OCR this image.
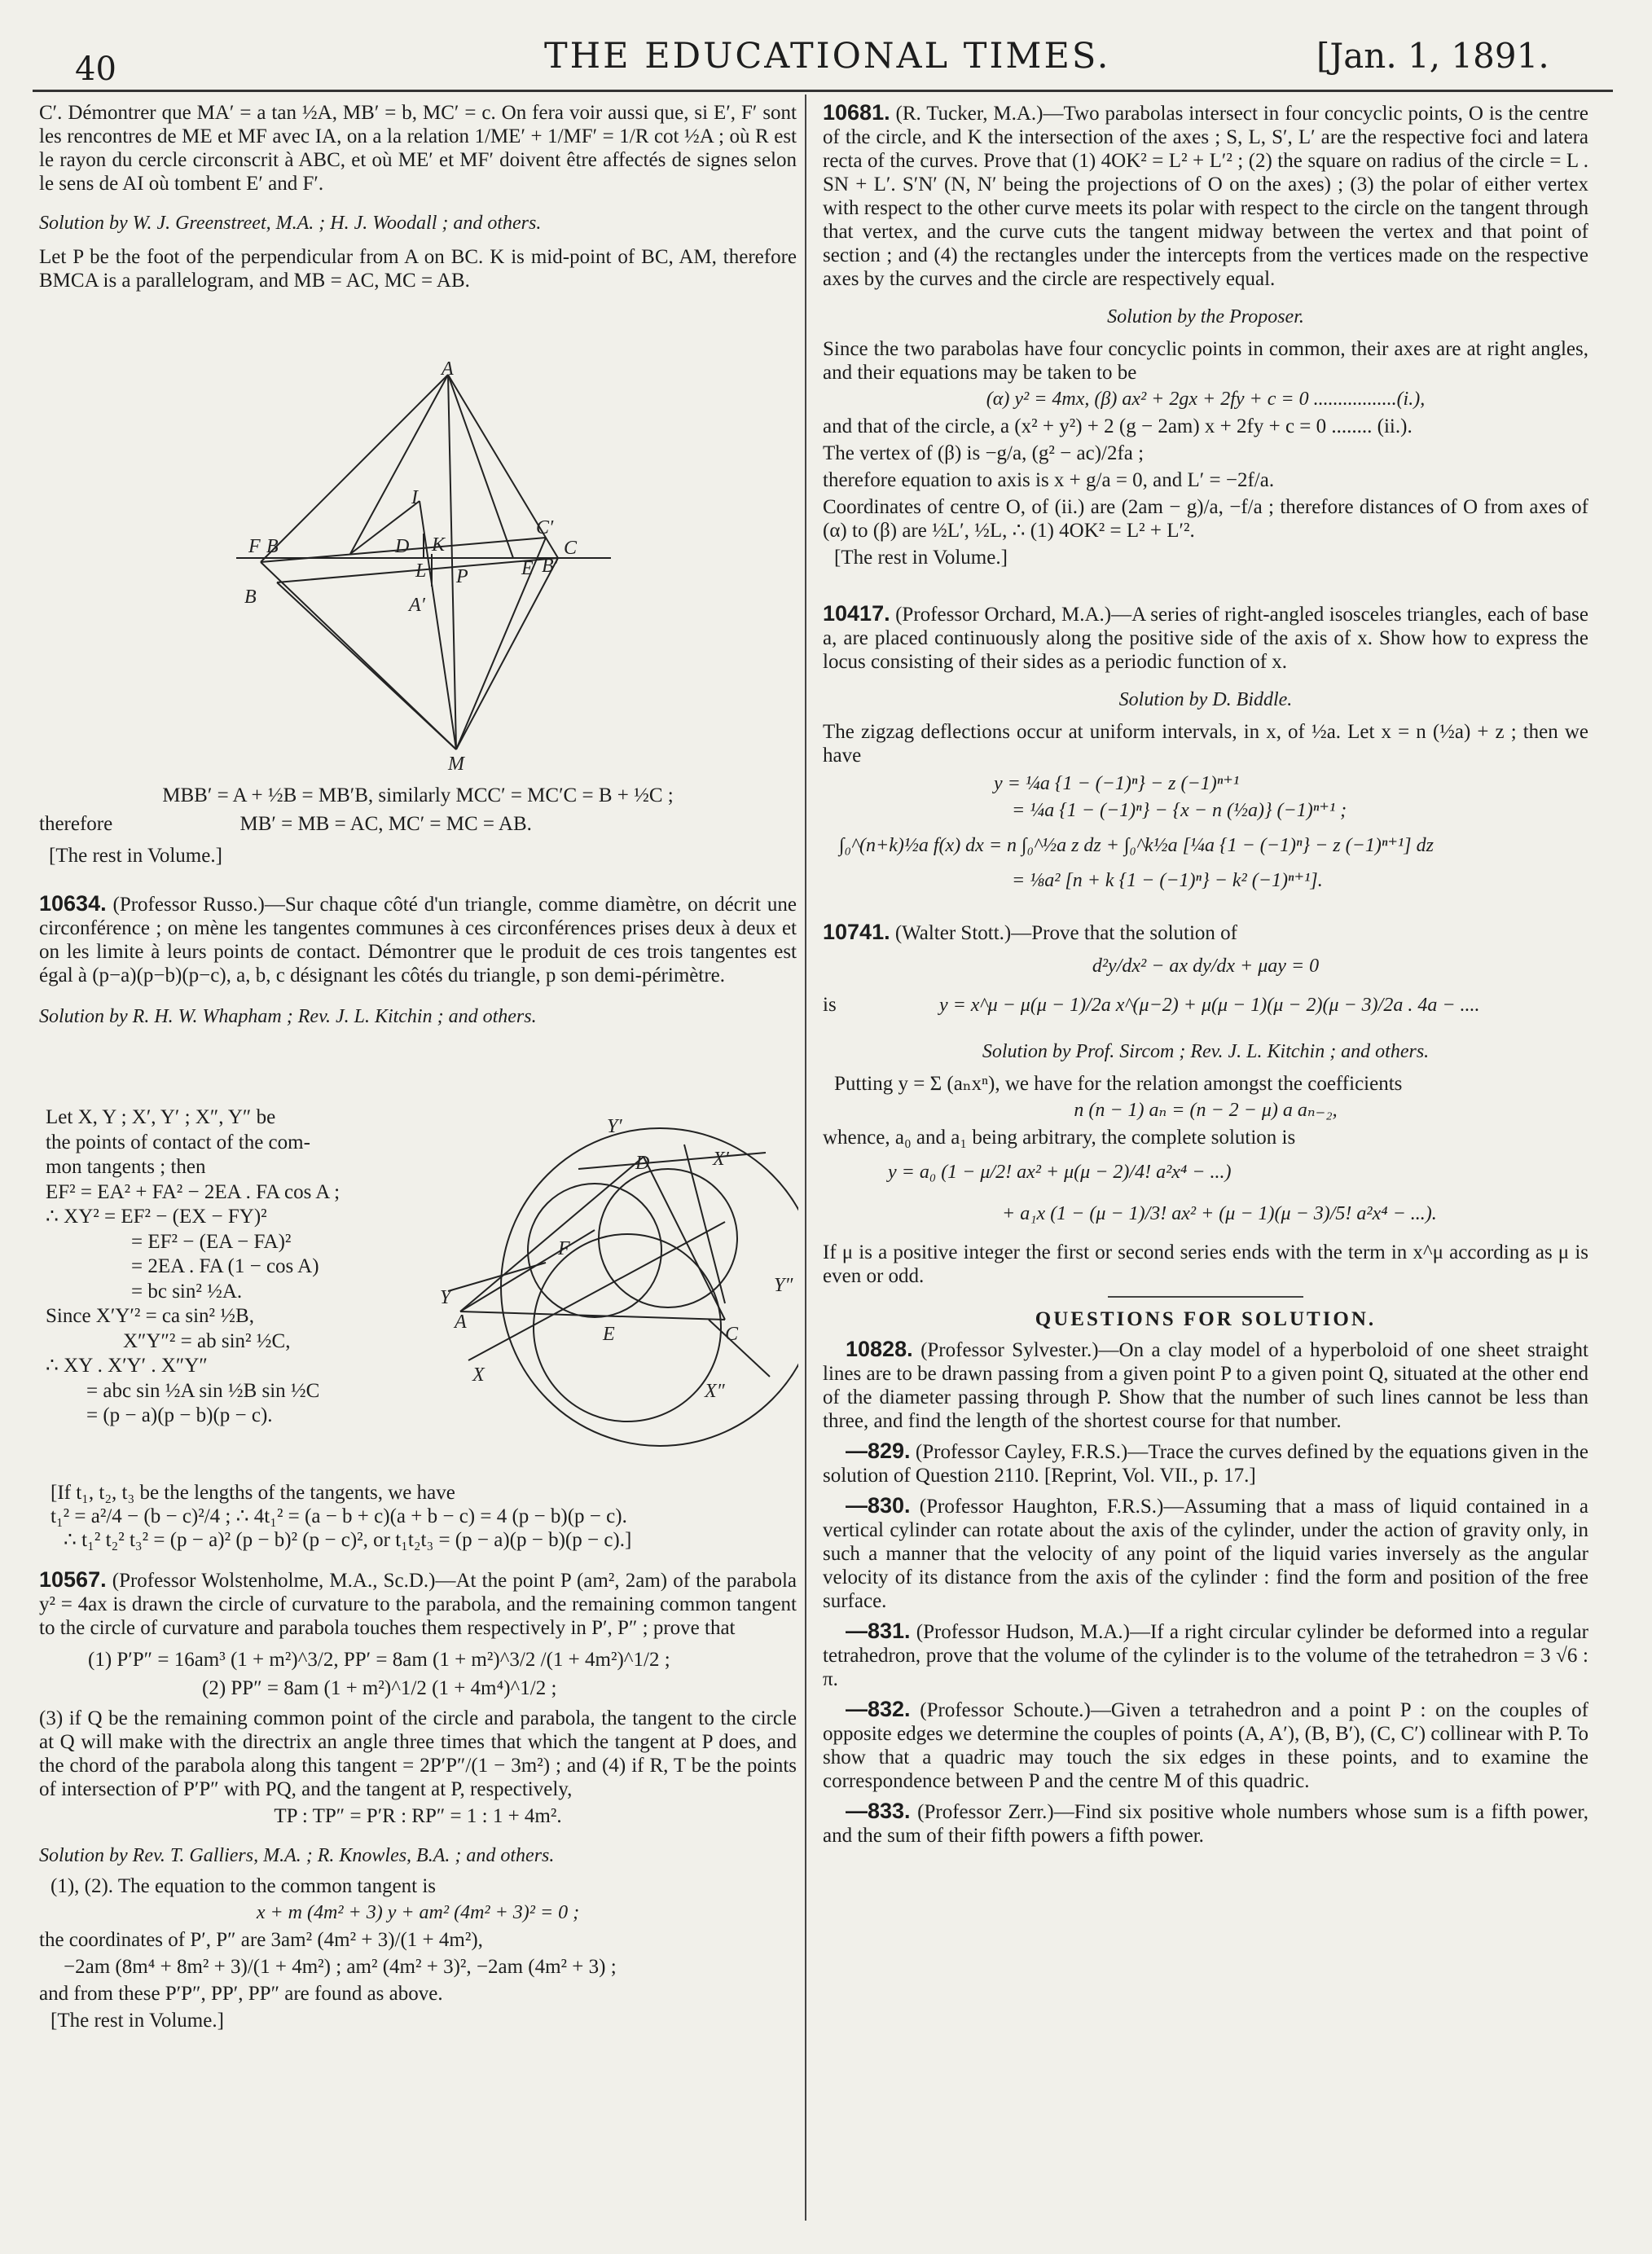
40	THE EDUCATIONAL TIMES.	[Jan. 1, 1891.

C′. Démontrer que MA′ = a tan ½A, MB′ = b, MC′ = c. On fera voir aussi que, si E′, F′ sont les rencontres de ME et MF avec IA, on a la relation 1/ME′ + 1/MF′ = 1/R cot ½A ; où R est le rayon du cercle circonscrit à ABC, et où ME′ et MF′ doivent être affectés de signes selon le sens de AI où tombent E′ and F′.

Solution by W. J. Greenstreet, M.A. ; H. J. Woodall ; and others.

Let P be the foot of the perpendicular from A on BC. K is mid-point of BC, AM, therefore BMCA is a parallelogram, and MB = AC, MC = AB.

A
I
F B	C
D K
E
B
C′
B′
L P
A′
M

MBB′ = A + ½B = MB′B, similarly MCC′ = MC′C = B + ½C ;

therefore	MB′ = MB = AC, MC′ = MC = AB.

[The rest in Volume.]

10634. (Professor Russo.)—Sur chaque côté d'un triangle, comme diamètre, on décrit une circonférence ; on mène les tangentes communes à ces circonférences prises deux à deux et on les limite à leurs points de contact. Démontrer que le produit de ces trois tangentes est égal à (p−a)(p−b)(p−c), a, b, c désignant les côtés du triangle, p son demi-périmètre.

Solution by R. H. W. Whapham ; Rev. J. L. Kitchin ; and others.

Let X, Y ; X′, Y′ ; X″, Y″ be

the points of contact of the com-

mon tangents ; then

EF² = EA² + FA² − 2EA . FA cos A ;

∴ XY² = EF² − (EX − FY)²

= EF² − (EA − FA)²

= 2EA . FA (1 − cos A)

= bc sin² ½A.

Since X′Y′² = ca sin² ½B,

X″Y″² = ab sin² ½C,

∴ XY . X′Y′ . X″Y″

= abc sin ½A sin ½B sin ½C

= (p − a)(p − b)(p − c).

Y′
D	X′
F
Y
A
Y″
E	C
X
X″

[If t₁, t₂, t₃ be the lengths of the tangents, we have

t₁² = a²/4 − (b − c)²/4 ; ∴ 4t₁² = (a − b + c)(a + b − c) = 4 (p − b)(p − c).

∴ t₁² t₂² t₃² = (p − a)² (p − b)² (p − c)², or t₁t₂t₃ = (p − a)(p − b)(p − c).]

10567. (Professor Wolstenholme, M.A., Sc.D.)—At the point P (am², 2am) of the parabola y² = 4ax is drawn the circle of curvature to the parabola, and the remaining common tangent to the circle of curvature and parabola touches them respectively in P′, P″ ; prove that

(1) P′P″ = 16am³ (1 + m²)^3/2, PP′ = 8am (1 + m²)^3/2 /(1 + 4m²)^1/2 ;

(2) PP″ = 8am (1 + m²)^1/2 (1 + 4m⁴)^1/2 ;

(3) if Q be the remaining common point of the circle and parabola, the tangent to the circle at Q will make with the directrix an angle three times that which the tangent at P does, and the chord of the parabola along this tangent = 2P′P″/(1 − 3m²) ; and (4) if R, T be the points of intersection of P′P″ with PQ, and the tangent at P, respectively,

TP : TP″ = P′R : RP″ = 1 : 1 + 4m².

Solution by Rev. T. Galliers, M.A. ; R. Knowles, B.A. ; and others.

(1), (2). The equation to the common tangent is

x + m (4m² + 3) y + am² (4m² + 3)² = 0 ;

the coordinates of P′, P″ are 3am² (4m² + 3)/(1 + 4m²),

−2am (8m⁴ + 8m² + 3)/(1 + 4m²) ; am² (4m² + 3)², −2am (4m² + 3) ;

and from these P′P″, PP′, PP″ are found as above.

[The rest in Volume.]

10681. (R. Tucker, M.A.)—Two parabolas intersect in four concyclic points, O is the centre of the circle, and K the intersection of the axes ; S, L, S′, L′ are the respective foci and latera recta of the curves. Prove that (1) 4OK² = L² + L′² ; (2) the square on radius of the circle = L . SN + L′. S′N′ (N, N′ being the projections of O on the axes) ; (3) the polar of either vertex with respect to the other curve meets its polar with respect to the circle on the tangent through that vertex, and the curve cuts the tangent midway between the vertex and that point of section ; and (4) the rectangles under the intercepts from the vertices made on the respective axes by the curves and the circle are respectively equal.

Solution by the Proposer.

Since the two parabolas have four concyclic points in common, their axes are at right angles, and their equations may be taken to be

(α) y² = 4mx, (β) ax² + 2gx + 2fy + c = 0 .................(i.),

and that of the circle, a (x² + y²) + 2 (g − 2am) x + 2fy + c = 0 ........ (ii.).

The vertex of (β) is −g/a, (g² − ac)/2fa ;

therefore equation to axis is x + g/a = 0, and L′ = −2f/a.

Coordinates of centre O, of (ii.) are (2am − g)/a, −f/a ; therefore distances of O from axes of (α) to (β) are ½L′, ½L, ∴ (1) 4OK² = L² + L′².

[The rest in Volume.]

10417. (Professor Orchard, M.A.)—A series of right-angled isosceles triangles, each of base a, are placed continuously along the positive side of the axis of x. Show how to express the locus consisting of their sides as a periodic function of x.

Solution by D. Biddle.

The zigzag deflections occur at uniform intervals, in x, of ½a. Let x = n (½a) + z ; then we have

y = ¼a {1 − (−1)ⁿ} − z (−1)ⁿ⁺¹

= ¼a {1 − (−1)ⁿ} − {x − n (½a)} (−1)ⁿ⁺¹ ;

∫₀^(n+k)½a f(x) dx = n ∫₀^½a z dz + ∫₀^k½a [¼a {1 − (−1)ⁿ} − z (−1)ⁿ⁺¹] dz

= ⅛a² [n + k {1 − (−1)ⁿ} − k² (−1)ⁿ⁺¹].

10741. (Walter Stott.)—Prove that the solution of

d²y/dx² − ax dy/dx + μay = 0

is	y = x^μ − μ(μ − 1)/2a x^(μ−2) + μ(μ − 1)(μ − 2)(μ − 3)/2a . 4a − ....

Solution by Prof. Sircom ; Rev. J. L. Kitchin ; and others.

Putting y = Σ (aₙxⁿ), we have for the relation amongst the coefficients

n (n − 1) aₙ = (n − 2 − μ) a aₙ₋₂,

whence, a₀ and a₁ being arbitrary, the complete solution is

y = a₀ (1 − μ/2! ax² + μ(μ − 2)/4! a²x⁴ − ...)

+ a₁x (1 − (μ − 1)/3! ax² + (μ − 1)(μ − 3)/5! a²x⁴ − ...).

If μ is a positive integer the first or second series ends with the term in x^μ according as μ is even or odd.

QUESTIONS FOR SOLUTION.

10828. (Professor Sylvester.)—On a clay model of a hyperboloid of one sheet straight lines are to be drawn passing from a given point P to a given point Q, situated at the other end of the diameter passing through P. Show that the number of such lines cannot be less than three, and find the length of the shortest course for that number.

—829. (Professor Cayley, F.R.S.)—Trace the curves defined by the equations given in the solution of Question 2110. [Reprint, Vol. VII., p. 17.]

—830. (Professor Haughton, F.R.S.)—Assuming that a mass of liquid contained in a vertical cylinder can rotate about the axis of the cylinder, under the action of gravity only, in such a manner that the velocity of any point of the liquid varies inversely as the angular velocity of its distance from the axis of the cylinder : find the form and position of the free surface.

—831. (Professor Hudson, M.A.)—If a right circular cylinder be deformed into a regular tetrahedron, prove that the volume of the cylinder is to the volume of the tetrahedron = 3 √6 : π.

—832. (Professor Schoute.)—Given a tetrahedron and a point P : on the couples of opposite edges we determine the couples of points (A, A′), (B, B′), (C, C′) collinear with P. To show that a quadric may touch the six edges in these points, and to examine the correspondence between P and the centre M of this quadric.

—833. (Professor Zerr.)—Find six positive whole numbers whose sum is a fifth power, and the sum of their fifth powers a fifth power.
